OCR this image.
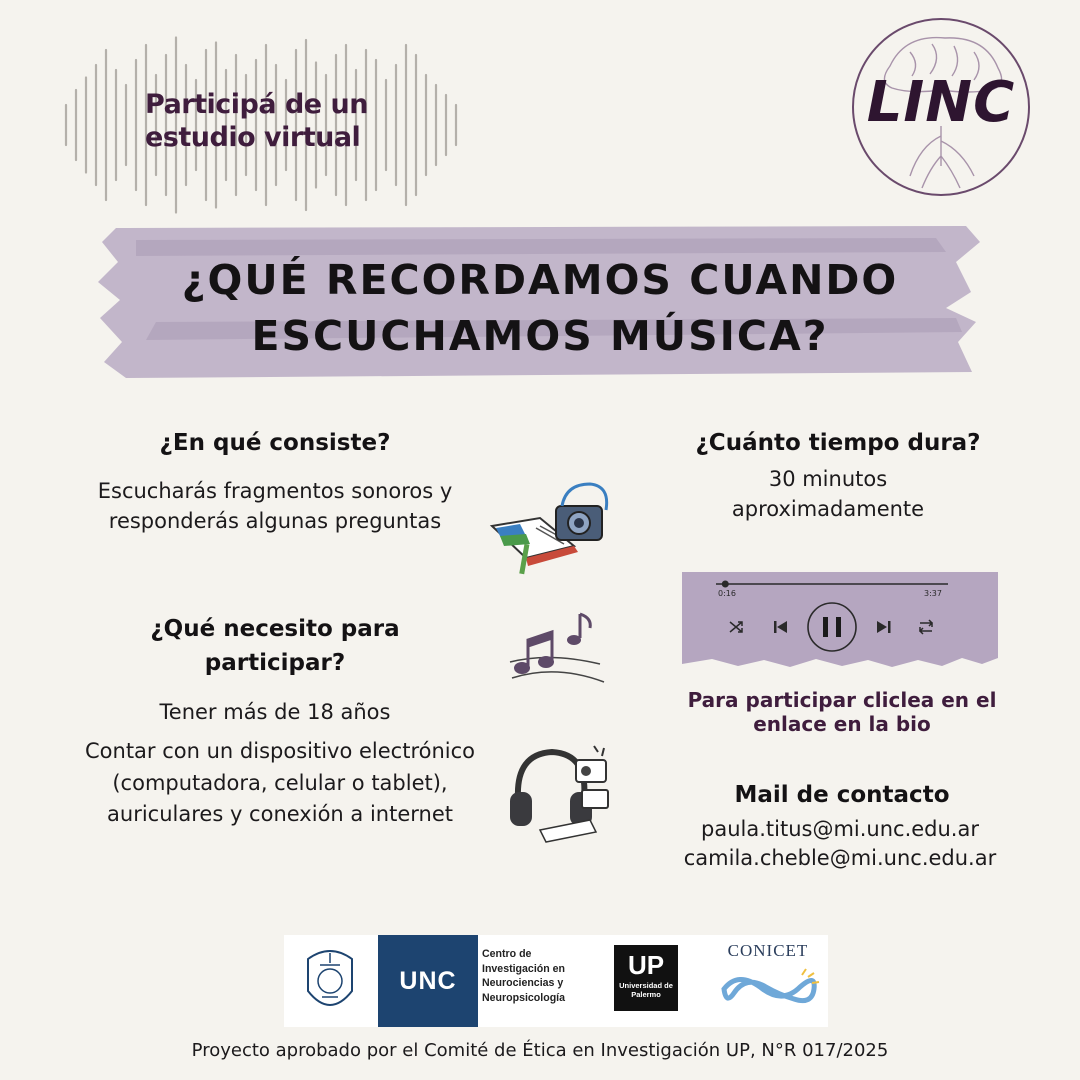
Participá de un
estudio virtual
LINC
¿QUÉ RECORDAMOS CUANDO
ESCUCHAMOS MÚSICA?
¿En qué consiste?
Escucharás fragmentos sonoros y responderás algunas preguntas
¿Qué necesito para participar?
Tener más de 18 años
Contar con un dispositivo electrónico (computadora, celular o tablet), auriculares y conexión a internet
¿Cuánto tiempo dura?
30 minutos aproximadamente
0:16	3:37
Para participar cliclea en el enlace en la bio
Mail de contacto
paula.titus@mi.unc.edu.ar
camila.cheble@mi.unc.edu.ar
UNC
Centro de Investigación en Neurociencias y Neuropsicología
UP
Universidad de Palermo
CONICET
Proyecto aprobado por el Comité de Ética en Investigación UP, N°R 017/2025
